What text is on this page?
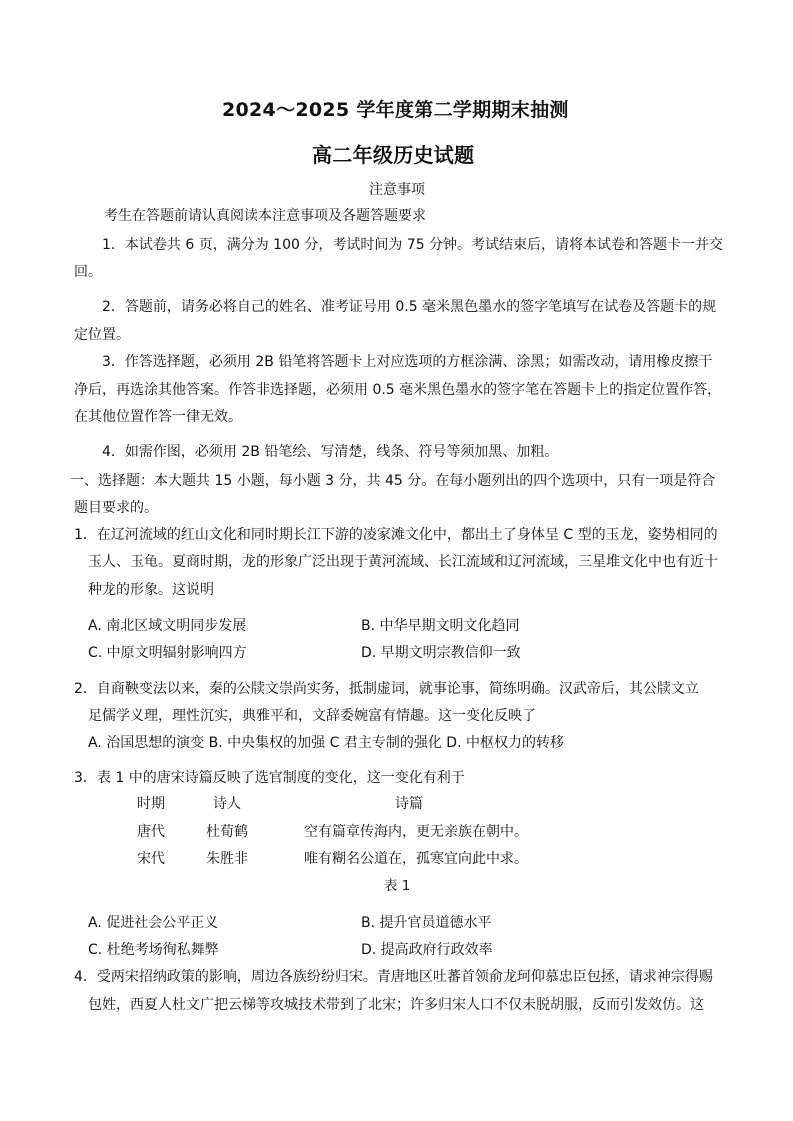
2024～2025 学年度第二学期期末抽测
高二年级历史试题
注意事项
考生在答题前请认真阅读本注意事项及各题答题要求
1．本试卷共 6 页，满分为 100 分，考试时间为 75 分钟。考试结束后，请将本试卷和答题卡一并交
回。
2．答题前，请务必将自己的姓名、准考证号用 0.5 毫米黑色墨水的签字笔填写在试卷及答题卡的规
定位置。
3．作答选择题，必须用 2B 铅笔将答题卡上对应选项的方框涂满、涂黑；如需改动，请用橡皮擦干
净后，再选涂其他答案。作答非选择题，必须用 0.5 毫米黑色墨水的签字笔在答题卡上的指定位置作答，
在其他位置作答一律无效。
4．如需作图，必须用 2B 铅笔绘、写清楚，线条、符号等须加黑、加粗。
一、选择题：本大题共 15 小题，每小题 3 分，共 45 分。在每小题列出的四个选项中，只有一项是符合
题目要求的。
1．在辽河流域的红山文化和同时期长江下游的凌家滩文化中，都出土了身体呈 C 型的玉龙，姿势相同的
玉人、玉龟。夏商时期，龙的形象广泛出现于黄河流域、长江流域和辽河流域，三星堆文化中也有近十
种龙的形象。这说明
A. 南北区域文明同步发展	B. 中华早期文明文化趋同
C. 中原文明辐射影响四方	D. 早期文明宗教信仰一致
2．自商鞅变法以来，秦的公牍文崇尚实务，抵制虚词，就事论事，简练明确。汉武帝后，其公牍文立
足儒学义理，理性沉实，典雅平和，文辞委婉富有情趣。这一变化反映了
A. 治国思想的演变 B. 中央集权的加强 C 君主专制的强化 D. 中枢权力的转移
3．表 1 中的唐宋诗篇反映了选官制度的变化，这一变化有利于
时期	诗人	诗篇
唐代	杜荀鹤	空有篇章传海内，更无亲族在朝中。
宋代	朱胜非	唯有糊名公道在，孤寒宜向此中求。
表 1
A. 促进社会公平正义	B. 提升官员道德水平
C. 杜绝考场徇私舞弊	D. 提高政府行政效率
4．受两宋招纳政策的影响，周边各族纷纷归宋。青唐地区吐蕃首领俞龙珂仰慕忠臣包拯，请求神宗得赐
包姓，西夏人杜文广把云梯等攻城技术带到了北宋；许多归宋人口不仅未脱胡服，反而引发效仿。这
